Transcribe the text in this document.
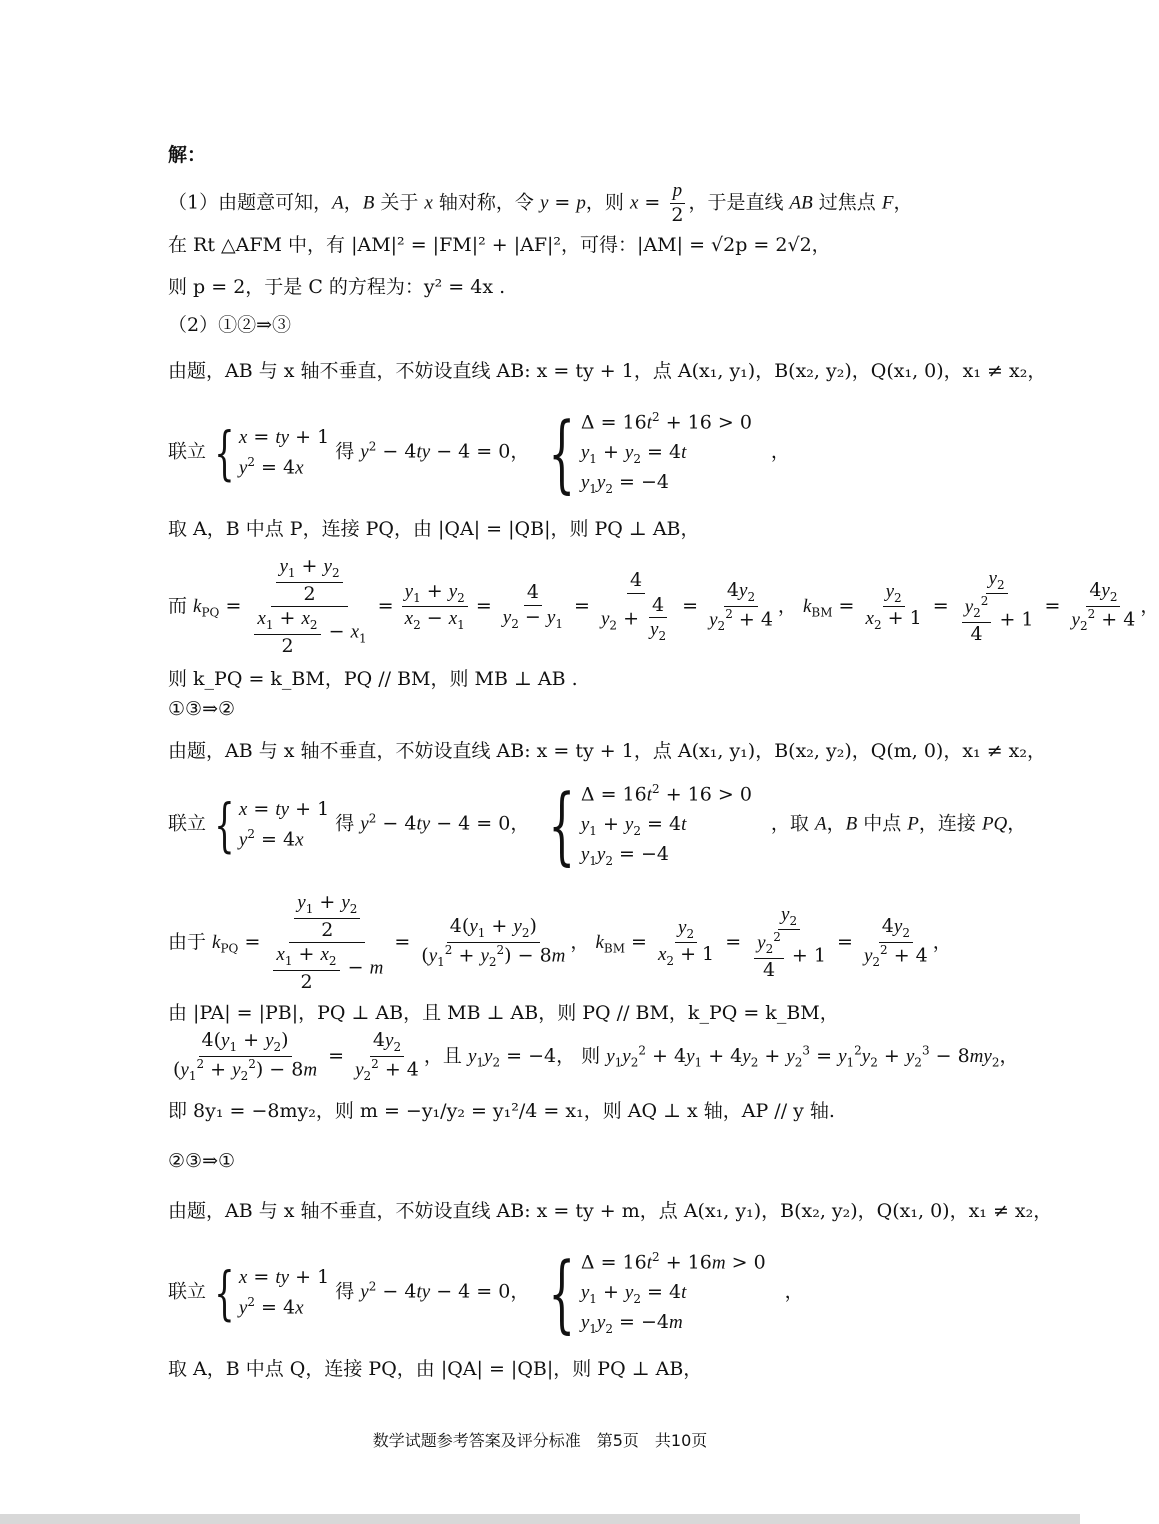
解：
（1）由题意可知，A，B 关于 x 轴对称，令 y = p，则 $x = \frac{p}{2}$ ，于是直线 AB 过焦点 F，
在 Rt △AFM 中，有 |AM|² = |FM|² + |AF|²，可得：|AM| = √2p = 2√2，
则 p = 2，于是 C 的方程为：y² = 4x .
（2）①②⇒③
由题，AB 与 x 轴不垂直，不妨设直线 AB: x = ty + 1，点 A(x₁, y₁)，B(x₂, y₂)，Q(x₁, 0)，x₁ ≠ x₂，
联立 { x = ty + 1
$y^2 = 4x$
得 $y^2 - 4ty - 4 = 0$， { $\Delta = 16t^2 + 16 > 0$
$y_1 + y_2 = 4t$
$y_1y_2 = -4$
　，
取 A，B 中点 P，连接 PQ，由 |QA| = |QB|，则 PQ ⊥ AB，
而 $k_{PQ} = \frac{\frac{y_1 + y_2}{2}}{\frac{x_1 + x_2}{2} - x_1} = \frac{y_1 + y_2}{x_2 - x_1} = \frac{4}{y_2 - y_1} = \frac{4}{y_2 + \frac{4}{y_2}} = \frac{4y_2}{y_2^2 + 4}$ ， $k_{BM} = \frac{y_2}{x_2 + 1} = \frac{y_2}{\frac{y_2^2}{4} + 1} = \frac{4y_2}{y_2^2 + 4}$ ，
则 k_PQ = k_BM，PQ // BM，则 MB ⊥ AB .
①③⇒②
由题，AB 与 x 轴不垂直，不妨设直线 AB: x = ty + 1，点 A(x₁, y₁)，B(x₂, y₂)，Q(m, 0)，x₁ ≠ x₂，
联立 { x = ty + 1
$y^2 = 4x$
得 $y^2 - 4ty - 4 = 0$， { $\Delta = 16t^2 + 16 > 0$
$y_1 + y_2 = 4t$
$y_1y_2 = -4$
　，取 A，B 中点 P，连接 PQ，
由于 $k_{PQ} = \frac{\frac{y_1 + y_2}{2}}{\frac{x_1 + x_2}{2} - m} = \frac{4(y_1 + y_2)}{(y_1^2 + y_2^2) - 8m}$ ， $k_{BM} = \frac{y_2}{x_2 + 1} = \frac{y_2}{\frac{y_2^2}{4} + 1} = \frac{4y_2}{y_2^2 + 4}$ ，
由 |PA| = |PB|，PQ ⊥ AB，且 MB ⊥ AB，则 PQ // BM，k_PQ = k_BM，
$\frac{4(y_1 + y_2)}{(y_1^2 + y_2^2) - 8m} = \frac{4y_2}{y_2^2 + 4}$ ，且 $y_1y_2 = -4$， 则 $y_1y_2^2 + 4y_1 + 4y_2 + y_2^3 = y_1^2y_2 + y_2^3 - 8my_2$，
即 8y₁ = −8my₂，则 m = −y₁/y₂ = y₁²/4 = x₁，则 AQ ⊥ x 轴，AP // y 轴.
②③⇒①
由题，AB 与 x 轴不垂直，不妨设直线 AB: x = ty + m，点 A(x₁, y₁)，B(x₂, y₂)，Q(x₁, 0)，x₁ ≠ x₂，
联立 { x = ty + 1
$y^2 = 4x$
得 $y^2 - 4ty - 4 = 0$， { $\Delta = 16t^2 + 16m > 0$
$y_1 + y_2 = 4t$
$y_1y_2 = -4m$
　，
取 A，B 中点 Q，连接 PQ，由 |QA| = |QB|，则 PQ ⊥ AB，
数学试题参考答案及评分标准　第5页　共10页
